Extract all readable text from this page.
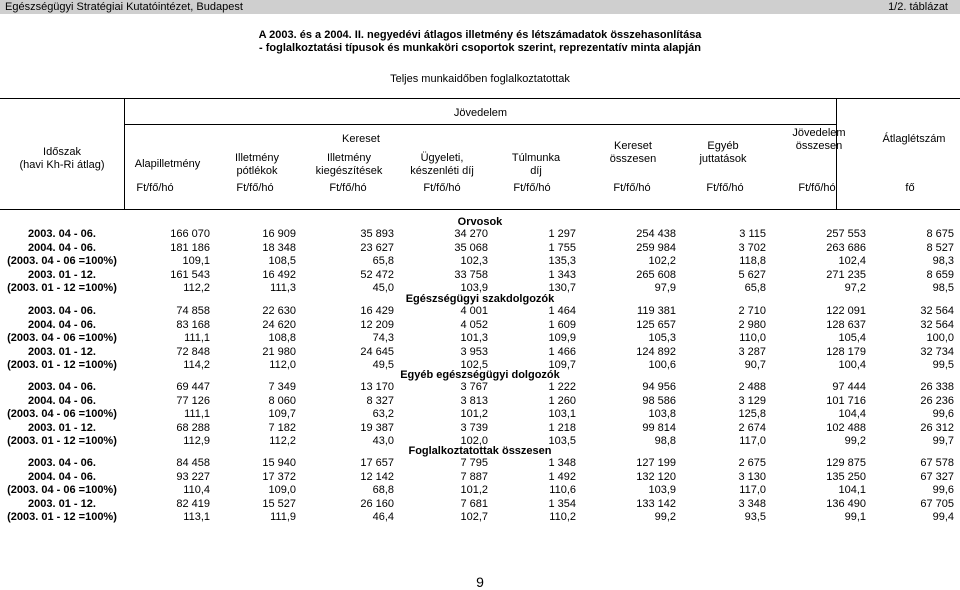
Egészségügyi Stratégiai Kutatóintézet, Budapest	1/2. táblázat
A 2003. és a 2004. II. negyedévi átlagos illetmény és létszámadatok összehasonlítása
- foglalkoztatási típusok és munkaköri csoportok szerint, reprezentatív minta alapján
Teljes munkaidőben foglalkoztatottak
Időszak
(havi Kh-Ri átlag)
Jövedelem
Kereset
Alapilletmény	Illetmény
pótlékok
Illetmény
kiegészítések
Ügyeleti,
készenléti díj
Túlmunka
díj
Kereset
összesen
Egyéb
juttatások
Jövedelem
összesen
Átlaglétszám
Ft/fő/hó	Ft/fő/hó	Ft/fő/hó	Ft/fő/hó	Ft/fő/hó	Ft/fő/hó	Ft/fő/hó	Ft/fő/hó	fő
Orvosok
2003. 04 - 06.	166 070	16 909	35 893	34 270	1 297	254 438	3 115	257 553	8 675
2004. 04 - 06.	181 186	18 348	23 627	35 068	1 755	259 984	3 702	263 686	8 527
(2003. 04 - 06 =100%)	109,1	108,5	65,8	102,3	135,3	102,2	118,8	102,4	98,3
2003. 01 - 12.	161 543	16 492	52 472	33 758	1 343	265 608	5 627	271 235	8 659
(2003. 01 - 12 =100%)	112,2	111,3	45,0	103,9	130,7	97,9	65,8	97,2	98,5
Egészségügyi szakdolgozók
2003. 04 - 06.	74 858	22 630	16 429	4 001	1 464	119 381	2 710	122 091	32 564
2004. 04 - 06.	83 168	24 620	12 209	4 052	1 609	125 657	2 980	128 637	32 564
(2003. 04 - 06 =100%)	111,1	108,8	74,3	101,3	109,9	105,3	110,0	105,4	100,0
2003. 01 - 12.	72 848	21 980	24 645	3 953	1 466	124 892	3 287	128 179	32 734
(2003. 01 - 12 =100%)	114,2	112,0	49,5	102,5	109,7	100,6	90,7	100,4	99,5
Egyéb egészségügyi dolgozók
2003. 04 - 06.	69 447	7 349	13 170	3 767	1 222	94 956	2 488	97 444	26 338
2004. 04 - 06.	77 126	8 060	8 327	3 813	1 260	98 586	3 129	101 716	26 236
(2003. 04 - 06 =100%)	111,1	109,7	63,2	101,2	103,1	103,8	125,8	104,4	99,6
2003. 01 - 12.	68 288	7 182	19 387	3 739	1 218	99 814	2 674	102 488	26 312
(2003. 01 - 12 =100%)	112,9	112,2	43,0	102,0	103,5	98,8	117,0	99,2	99,7
Foglalkoztatottak összesen
2003. 04 - 06.	84 458	15 940	17 657	7 795	1 348	127 199	2 675	129 875	67 578
2004. 04 - 06.	93 227	17 372	12 142	7 887	1 492	132 120	3 130	135 250	67 327
(2003. 04 - 06 =100%)	110,4	109,0	68,8	101,2	110,6	103,9	117,0	104,1	99,6
2003. 01 - 12.	82 419	15 527	26 160	7 681	1 354	133 142	3 348	136 490	67 705
(2003. 01 - 12 =100%)	113,1	111,9	46,4	102,7	110,2	99,2	93,5	99,1	99,4
9
